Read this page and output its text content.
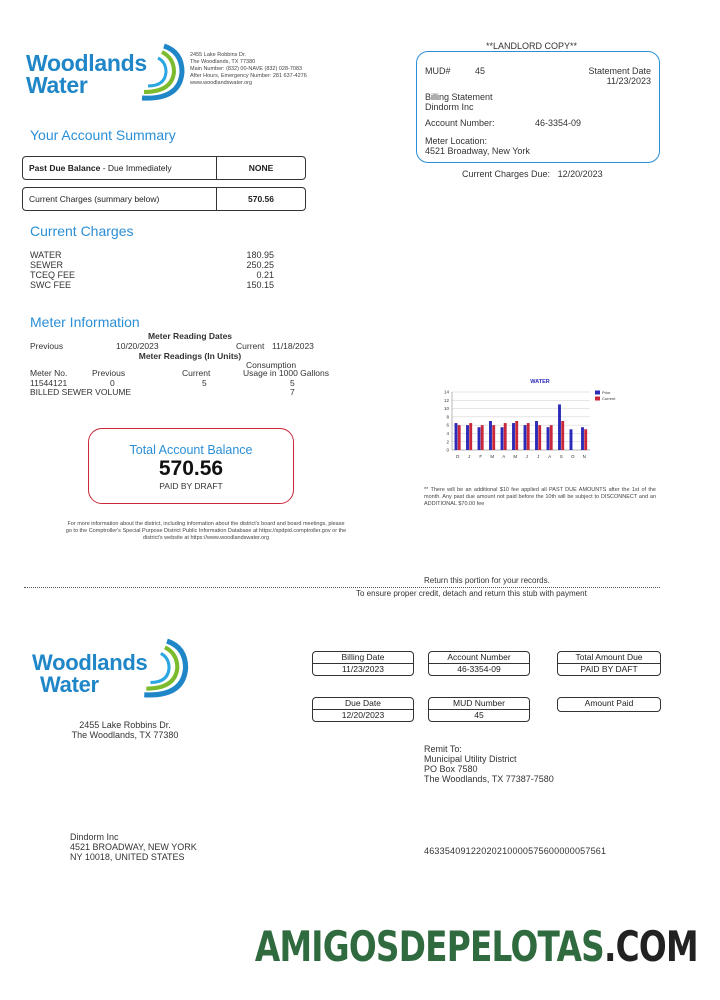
Woodlands
Water
2455 Lake Robbins Dr.
The Woodlands, TX 77380
Main Number: (832) 00-NAVE (832) 028-7083
After Hours, Emergency Number: 281 637-4276
www.woodlandswater.org
**LANDLORD COPY**
MUD#	45	Statement Date
11/23/2023
Billing Statement
Dindorm Inc
Account Number:	46-3354-09
Meter Location:
4521 Broadway, New York
Current Charges Due: 12/20/2023
Your Account Summary
Past Due Balance - Due Immediately	NONE
Current Charges (summary below)	570.56
Current Charges
WATER	180.95
SEWER	250.25
TCEQ FEE	0.21
SWC FEE	150.15
Meter Information
Meter Reading Dates
Previous	10/20/2023	Current 11/18/2023
Meter Readings (In Units)
Consumption
Meter No.	Previous	Current	Usage in 1000 Gallons
11544121	0	5	5
BILLED SEWER VOLUME	7
Total Account Balance
570.56
PAID BY DRAFT
For more information about the district, including information about the district's board and board meetings, please go to the Comptroller's Special Purpose District Public Information Database at https://spdpid.comptroller.gov or the district's website at https://www.woodlandswater.org
WATER
14
12
10
8
6
4
2
0
D J F M A M J J A S O N
Prior
Current
** There will be an additional $10 fee applied all PAST DUE AMOUNTS after the 1st of the month. Any past due amount not paid before the 10th will be subject to DISCONNECT and an ADDITIONAL $70.00 fee
Return this portion for your records.
To ensure proper credit, detach and return this stub with payment
Woodlands
Water
2455 Lake Robbins Dr.
The Woodlands, TX 77380
Billing Date
11/23/2023
Account Number
46-3354-09
Total Amount Due
PAID BY DAFT
Due Date
12/20/2023
MUD Number
45
Amount Paid
Remit To:
Municipal Utility District
PO Box 7580
The Woodlands, TX 77387-7580
Dindorm Inc
4521 BROADWAY, NEW YORK
NY 10018, UNITED STATES
46335409122020210000575600000057561
AMIGOSDEPELOTAS.COM
